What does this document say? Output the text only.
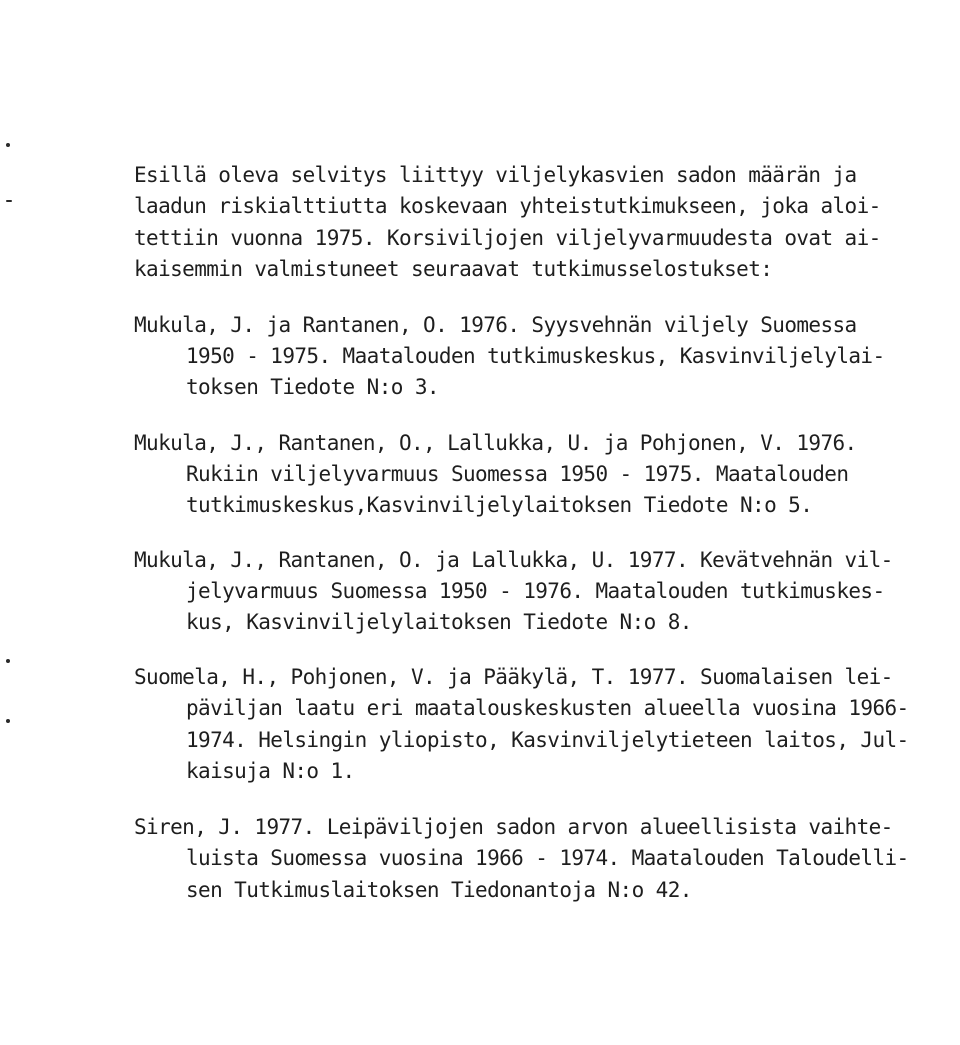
Esillä oleva selvitys liittyy viljelykasvien sadon määrän ja
laadun riskialttiutta koskevaan yhteistutkimukseen, joka aloi-
tettiin vuonna 1975. Korsiviljojen viljelyvarmuudesta ovat ai-
kaisemmin valmistuneet seuraavat tutkimusselostukset:
Mukula, J. ja Rantanen, O. 1976. Syysvehnän viljely Suomessa
1950 - 1975. Maatalouden tutkimuskeskus, Kasvinviljelylai-
toksen Tiedote N:o 3.
Mukula, J., Rantanen, O., Lallukka, U. ja Pohjonen, V. 1976.
Rukiin viljelyvarmuus Suomessa 1950 - 1975. Maatalouden
tutkimuskeskus,Kasvinviljelylaitoksen Tiedote N:o 5.
Mukula, J., Rantanen, O. ja Lallukka, U. 1977. Kevätvehnän vil-
jelyvarmuus Suomessa 1950 - 1976. Maatalouden tutkimuskes-
kus, Kasvinviljelylaitoksen Tiedote N:o 8.
Suomela, H., Pohjonen, V. ja Pääkylä, T. 1977. Suomalaisen lei-
päviljan laatu eri maatalouskeskusten alueella vuosina 1966-
1974. Helsingin yliopisto, Kasvinviljelytieteen laitos, Jul-
kaisuja N:o 1.
Siren, J. 1977. Leipäviljojen sadon arvon alueellisista vaihte-
luista Suomessa vuosina 1966 - 1974. Maatalouden Taloudelli-
sen Tutkimuslaitoksen Tiedonantoja N:o 42.
